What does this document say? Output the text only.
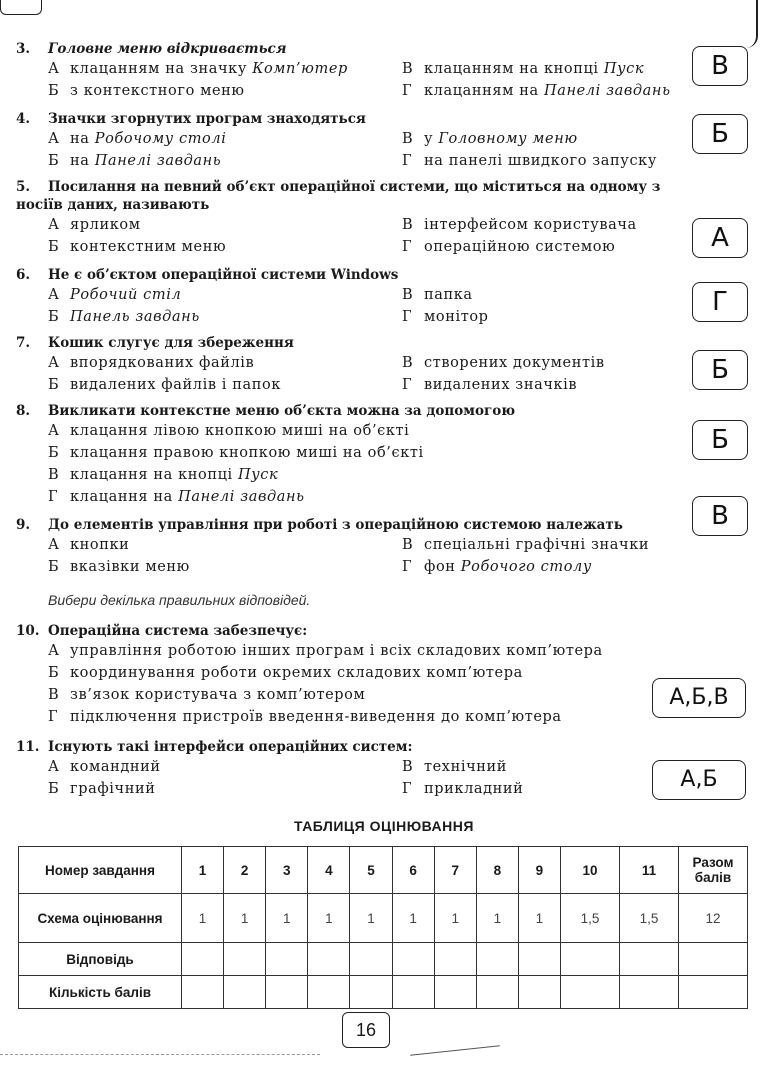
3. Головне меню відкривається
А клацанням на значку Комп’ютер	В клацанням на кнопці Пуск
Б з контекстного меню	Г клацанням на Панелі завдань
В
4. Значки згорнутих програм знаходяться
А на Робочому столі	В у Головному меню
Б на Панелі завдань	Г на панелі швидкого запуску
Б
5. Посилання на певний об’єкт операційної системи, що міститься на одному з носіїв даних, називають
А ярликом	В інтерфейсом користувача
Б контекстним меню	Г операційною системою	А
6. Не є об’єктом операційної системи Windows
А Робочий стіл	В папка
Б Панель завдань	Г монітор	Г
7. Кошик слугує для збереження
А впорядкованих файлів	В створених документів
Б видалених файлів і папок	Г видалених значків	Б
8. Викликати контекстне меню об’єкта можна за допомогою
А клацання лівою кнопкою миші на об’єкті
Б клацання правою кнопкою миші на об’єкті
В клацання на кнопці Пуск
Г клацання на Панелі завдань
Б
9. До елементів управління при роботі з операційною системою належать
А кнопки	В спеціальні графічні значки
Б вказівки меню	Г фон Робочого столу
В
Вибери декілька правильних відповідей.
10. Операційна система забезпечує:
А управління роботою інших програм і всіх складових комп’ютера
Б координування роботи окремих складових комп’ютера
В зв’язок користувача з комп’ютером
Г підключення пристроїв введення-виведення до комп’ютера
А,Б,В
11. Існують такі інтерфейси операційних систем:
А командний	В технічний
Б графічний	Г прикладний	А,Б
ТАБЛИЦЯ ОЦІНЮВАННЯ
Номер завдання	1	2	3	4	5	6	7	8	9	10	11	Разом балів
Схема оцінювання	1	1	1	1	1	1	1	1	1	1,5	1,5	12
Відповідь												
Кількість балів												
16
